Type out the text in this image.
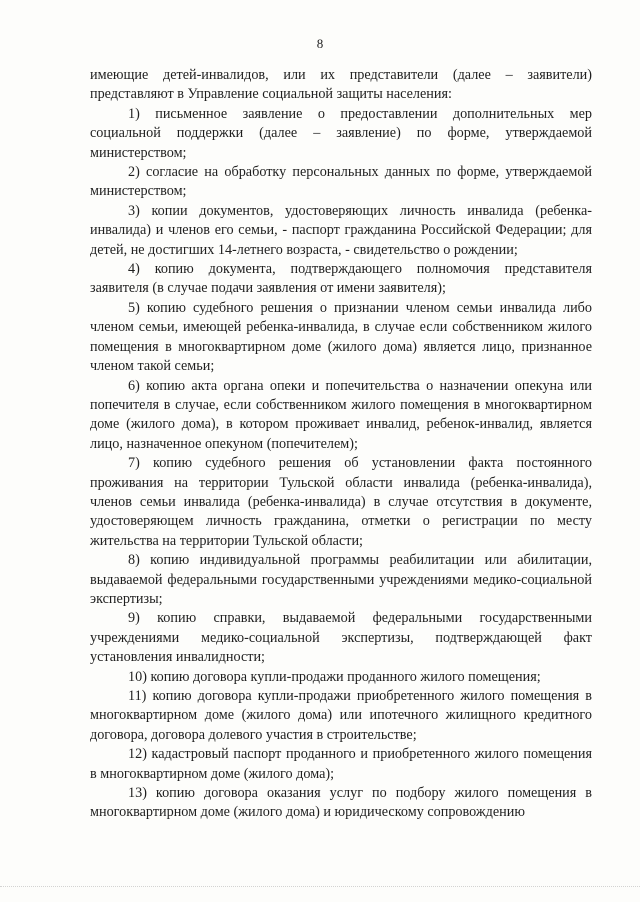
8

имеющие детей-инвалидов, или их представители (далее – заявители) представляют в Управление социальной защиты населения:

1) письменное заявление о предоставлении дополнительных мер социальной поддержки (далее – заявление) по форме, утверждаемой министерством;

2) согласие на обработку персональных данных по форме, утверждаемой министерством;

3) копии документов, удостоверяющих личность инвалида (ребенка-инвалида) и членов его семьи, - паспорт гражданина Российской Федерации; для детей, не достигших 14-летнего возраста, - свидетельство о рождении;

4) копию документа, подтверждающего полномочия представителя заявителя (в случае подачи заявления от имени заявителя);

5) копию судебного решения о признании членом семьи инвалида либо членом семьи, имеющей ребенка-инвалида, в случае если собственником жилого помещения в многоквартирном доме (жилого дома) является лицо, признанное членом такой семьи;

6) копию акта органа опеки и попечительства о назначении опекуна или попечителя в случае, если собственником жилого помещения в многоквартирном доме (жилого дома), в котором проживает инвалид, ребенок-инвалид, является лицо, назначенное опекуном (попечителем);

7) копию судебного решения об установлении факта постоянного проживания на территории Тульской области инвалида (ребенка-инвалида), членов семьи инвалида (ребенка-инвалида) в случае отсутствия в документе, удостоверяющем личность гражданина, отметки о регистрации по месту жительства на территории Тульской области;

8) копию индивидуальной программы реабилитации или абилитации, выдаваемой федеральными государственными учреждениями медико-социальной экспертизы;

9) копию справки, выдаваемой федеральными государственными учреждениями медико-социальной экспертизы, подтверждающей факт установления инвалидности;

10) копию договора купли-продажи проданного жилого помещения;

11) копию договора купли-продажи приобретенного жилого помещения в многоквартирном доме (жилого дома) или ипотечного жилищного кредитного договора, договора долевого участия в строительстве;

12) кадастровый паспорт проданного и приобретенного жилого помещения в многоквартирном доме (жилого дома);

13) копию договора оказания услуг по подбору жилого помещения в многоквартирном доме (жилого дома) и юридическому сопровождению
